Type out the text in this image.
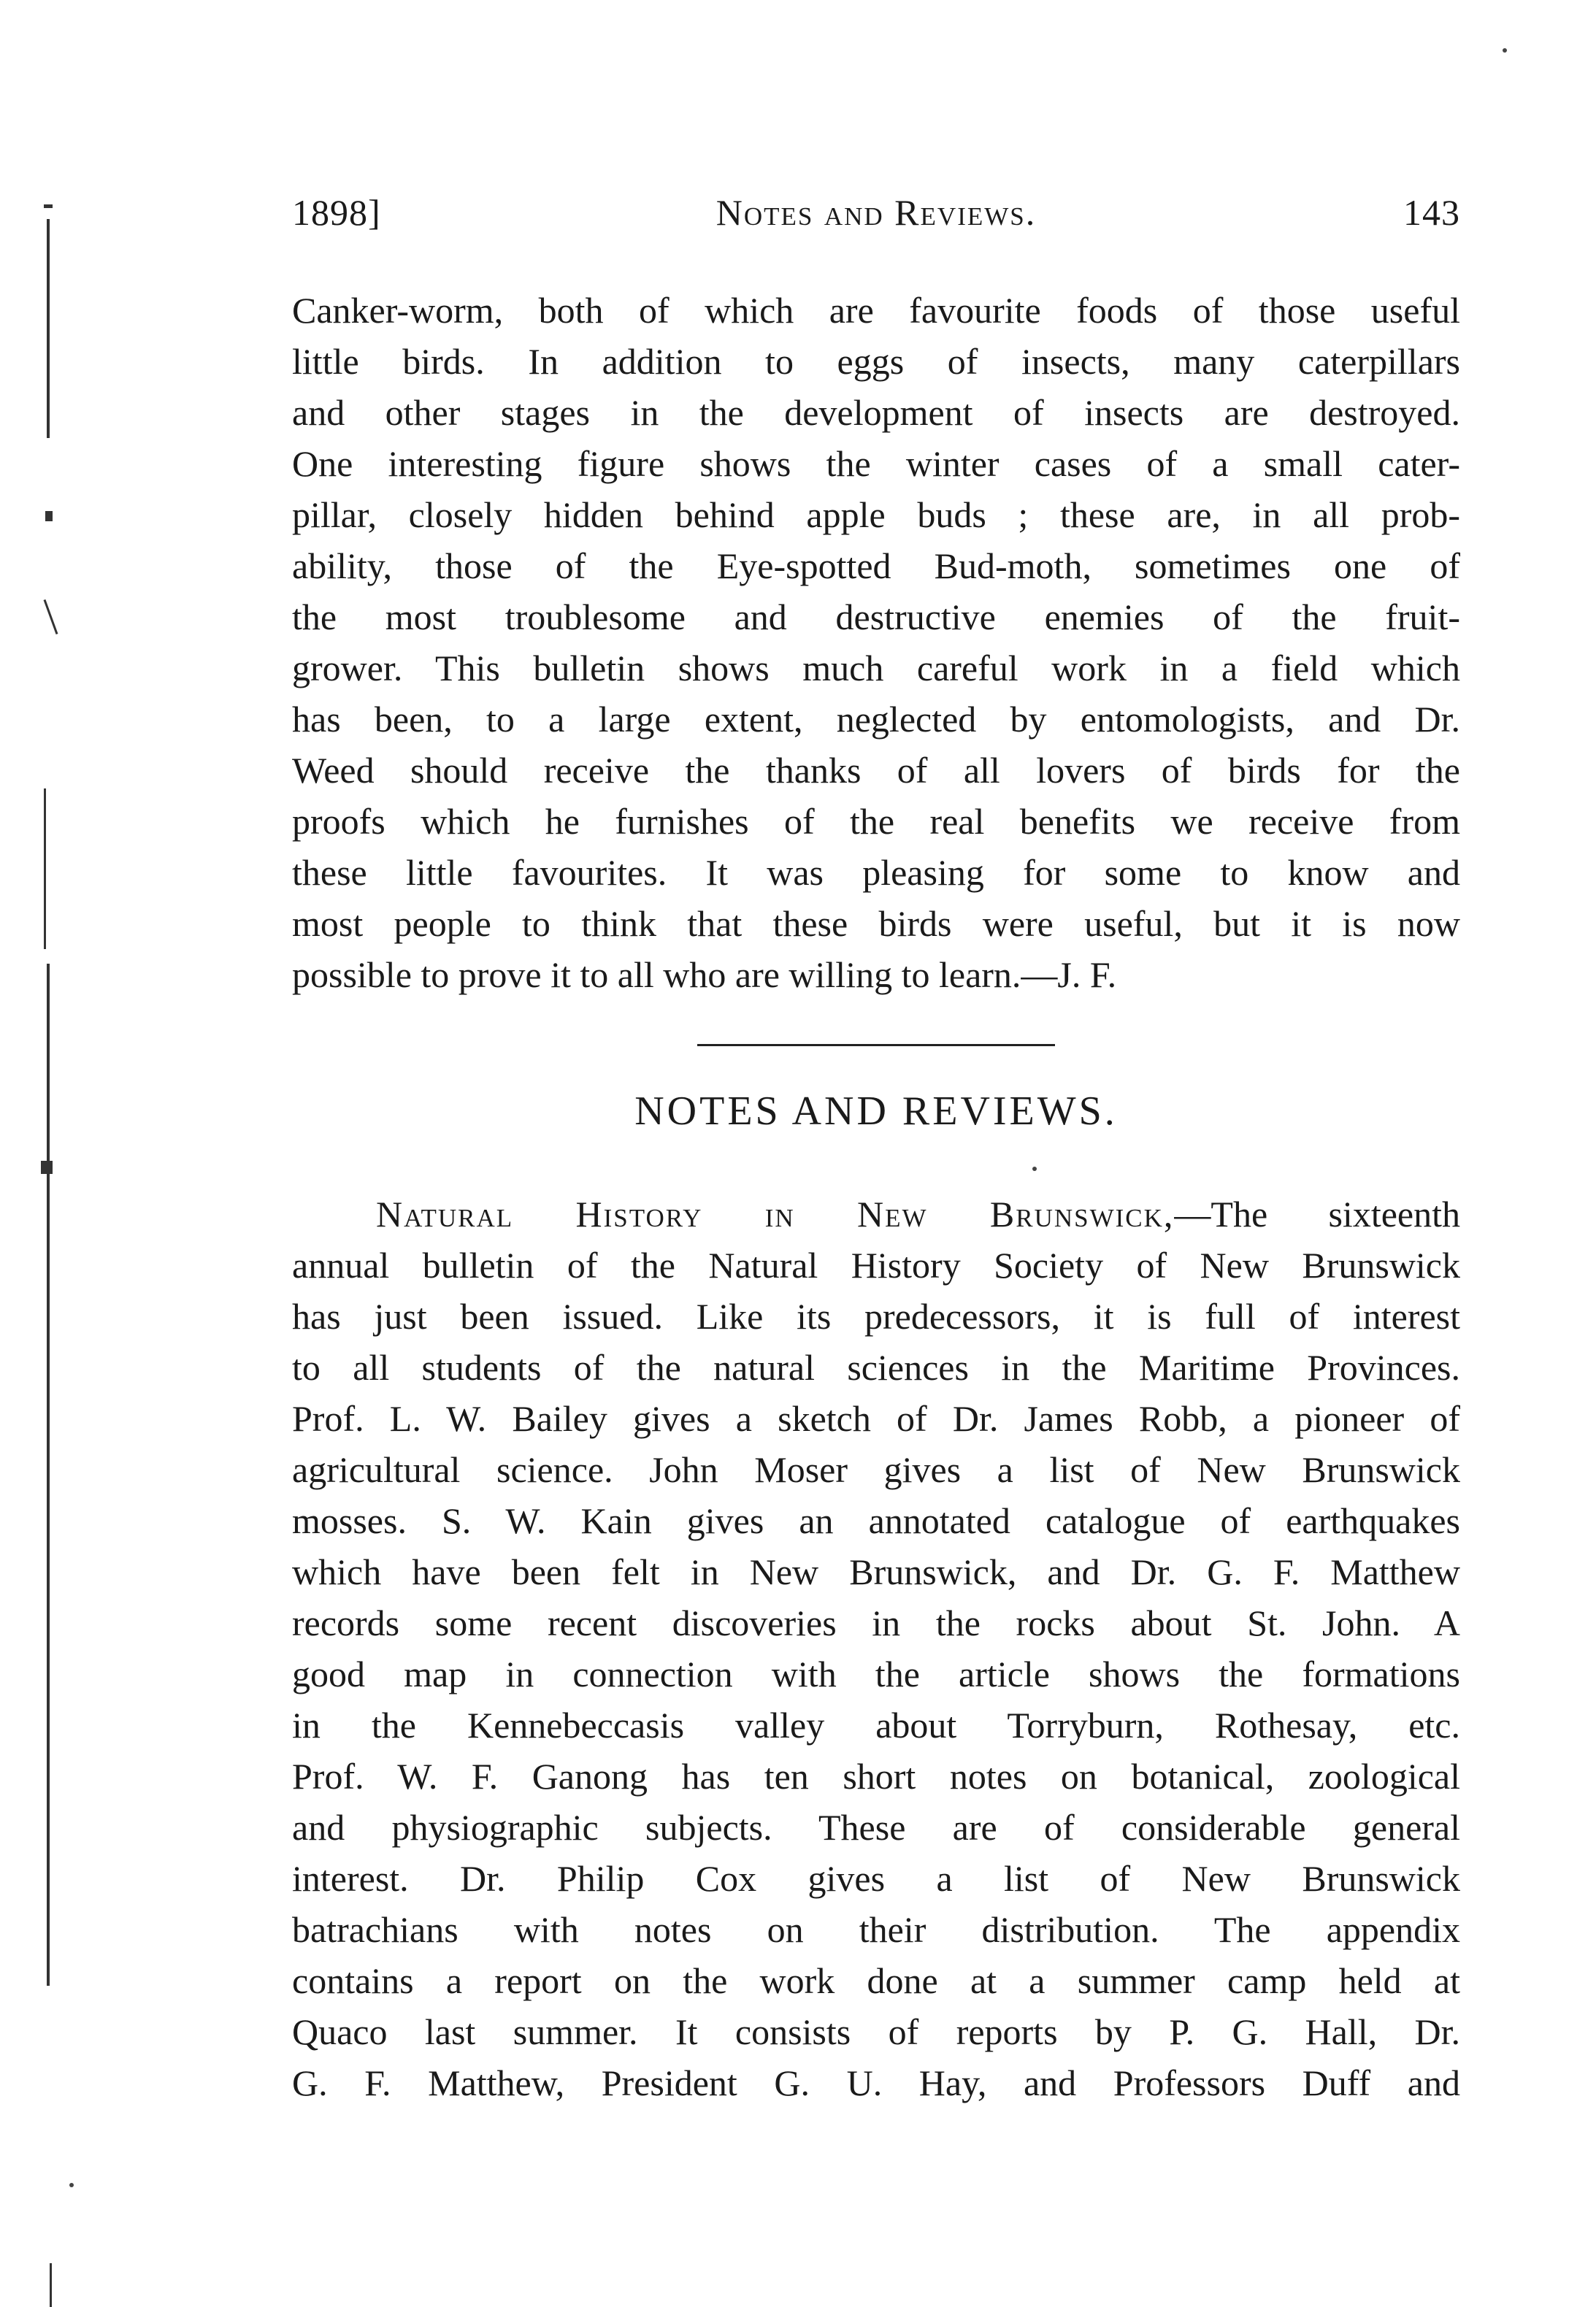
1898]	Notes and Reviews.	143
Canker-worm, both of which are favourite foods of those useful
little birds. In addition to eggs of insects, many caterpillars
and other stages in the development of insects are destroyed.
One interesting figure shows the winter cases of a small cater-
pillar, closely hidden behind apple buds ; these are, in all prob-
ability, those of the Eye-spotted Bud-moth, sometimes one of
the most troublesome and destructive enemies of the fruit-
grower. This bulletin shows much careful work in a field which
has been, to a large extent, neglected by entomologists, and Dr.
Weed should receive the thanks of all lovers of birds for the
proofs which he furnishes of the real benefits we receive from
these little favourites. It was pleasing for some to know and
most people to think that these birds were useful, but it is now
possible to prove it to all who are willing to learn.—J. F.
NOTES AND REVIEWS.
Natural History in New Brunswick,—The sixteenth
annual bulletin of the Natural History Society of New Brunswick
has just been issued. Like its predecessors, it is full of interest
to all students of the natural sciences in the Maritime Provinces.
Prof. L. W. Bailey gives a sketch of Dr. James Robb, a pioneer of
agricultural science. John Moser gives a list of New Brunswick
mosses. S. W. Kain gives an annotated catalogue of earthquakes
which have been felt in New Brunswick, and Dr. G. F. Matthew
records some recent discoveries in the rocks about St. John. A
good map in connection with the article shows the formations
in the Kennebeccasis valley about Torryburn, Rothesay, etc.
Prof. W. F. Ganong has ten short notes on botanical, zoological
and physiographic subjects. These are of considerable general
interest. Dr. Philip Cox gives a list of New Brunswick
batrachians with notes on their distribution. The appendix
contains a report on the work done at a summer camp held at
Quaco last summer. It consists of reports by P. G. Hall, Dr.
G. F. Matthew, President G. U. Hay, and Professors Duff and
